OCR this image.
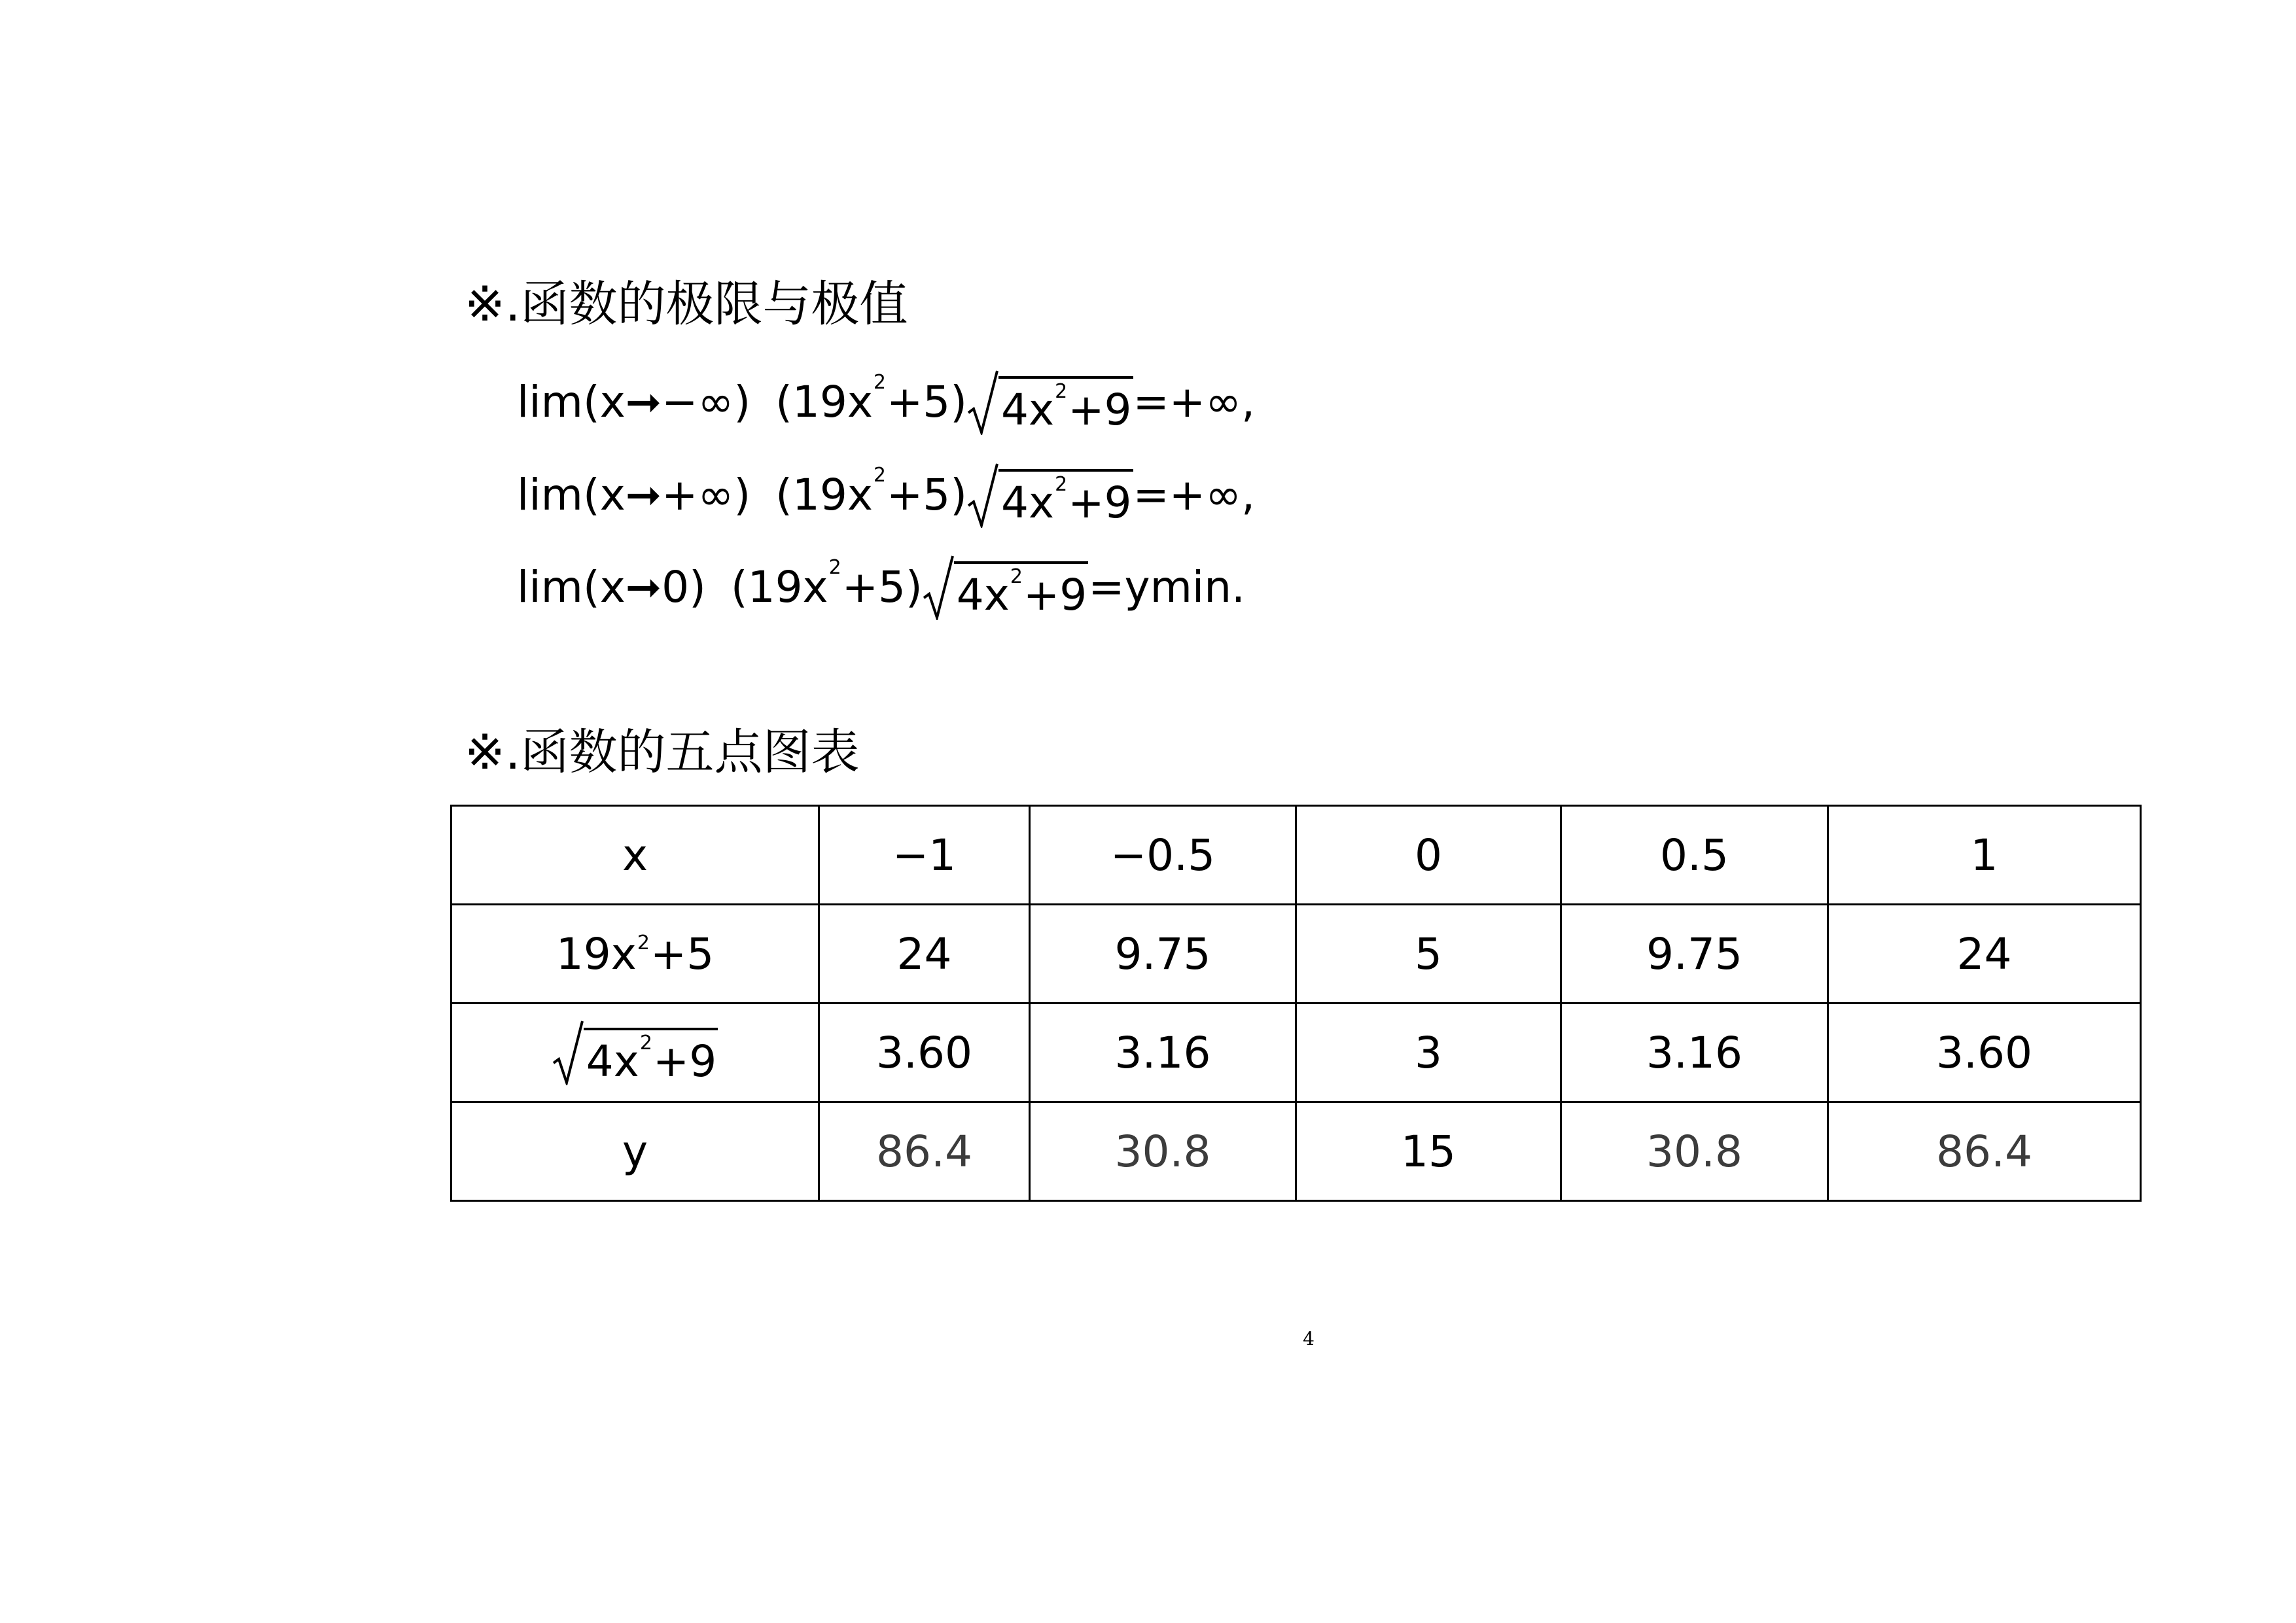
※.函数的极限与极值
lim(x➞−∞) $(19x^2 +5)$ $4x^2 +9$ =+∞,
lim(x➞+∞) $(19x^2 +5)$ $4x^2 +9$ =+∞,
lim(x➞0) $(19x^2 +5)$ $4x^2 +9 =ymin$.
※.函数的五点图表
x	−1	−0.5	0	0.5	1
$19x^2+5$	24	9.75	5	9.75	24

$4x^2 +9$	3.60	3.16	3	3.16	3.60
y	86.4	30.8	15	30.8	86.4
4
